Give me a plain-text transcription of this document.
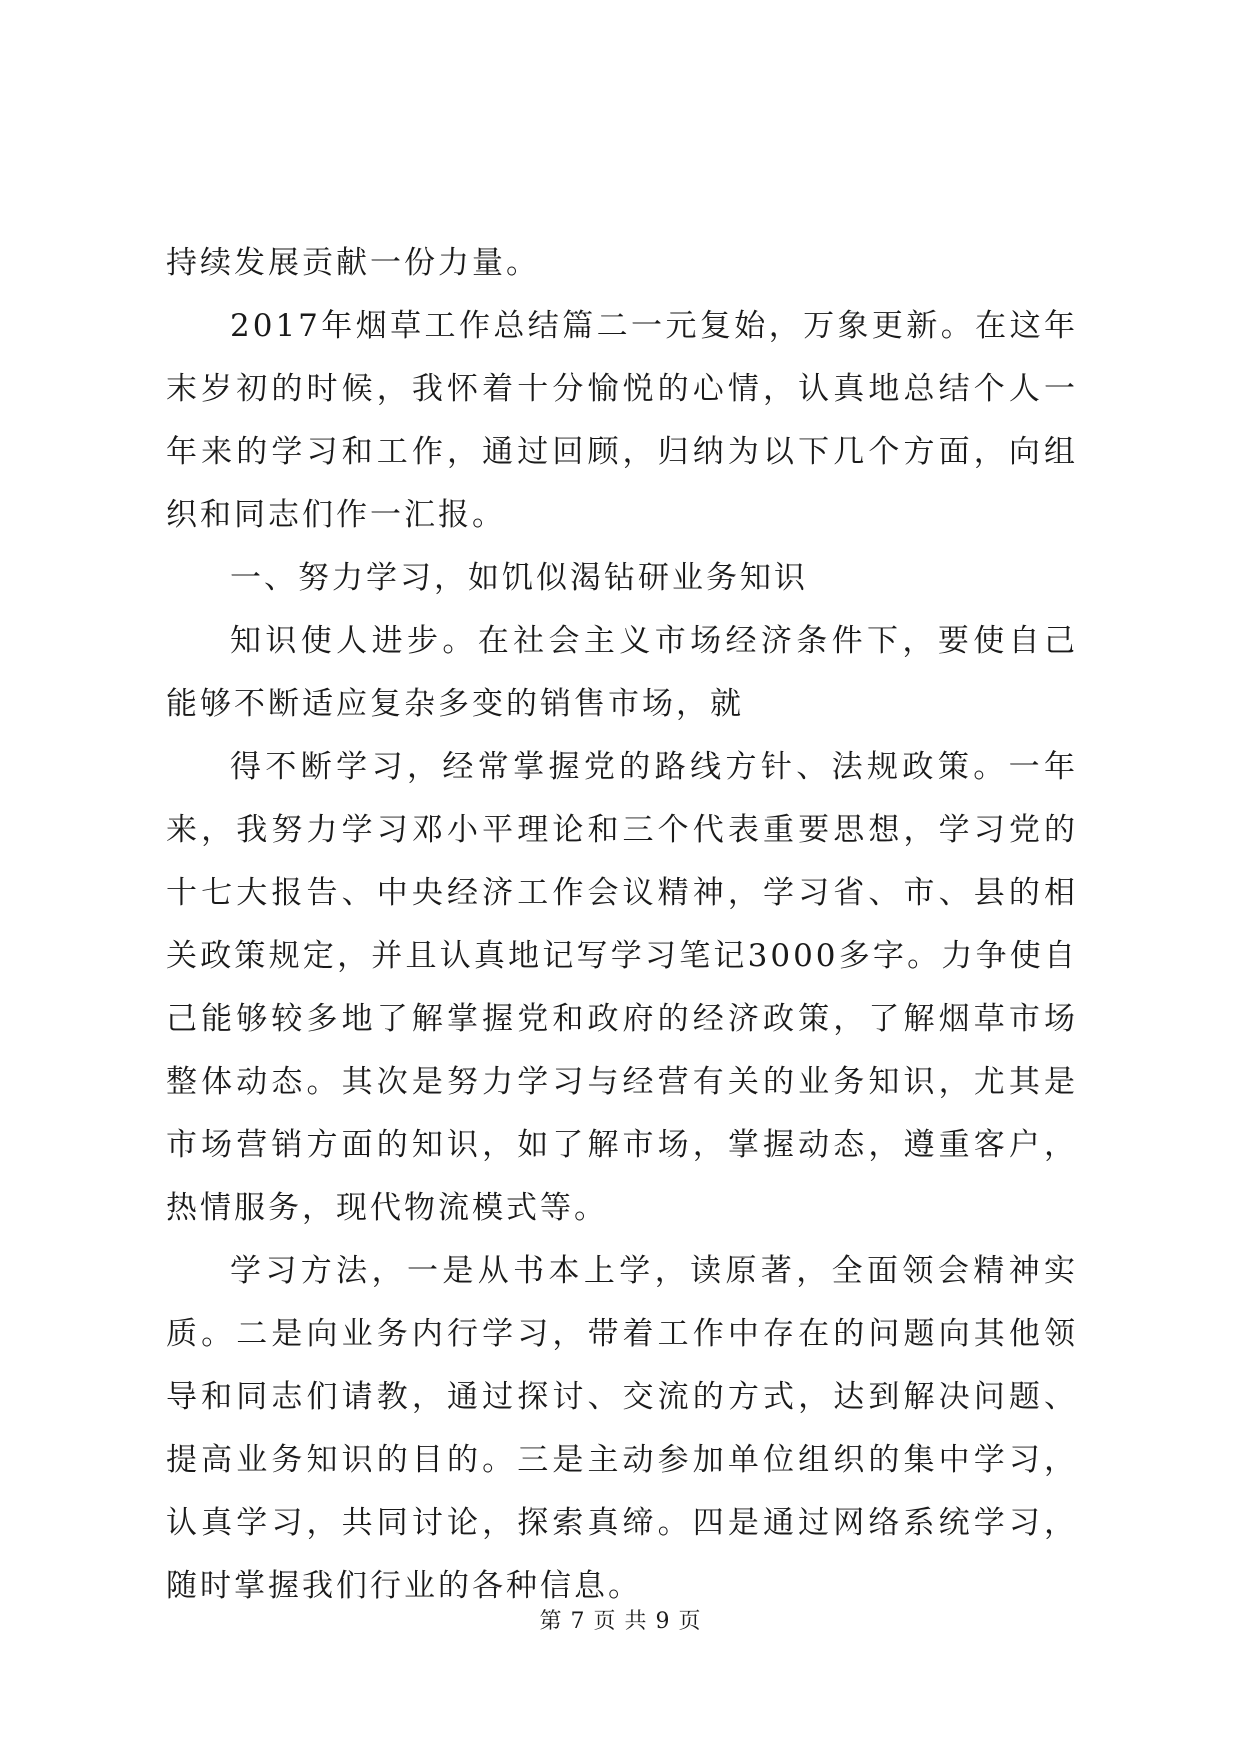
持续发展贡献一份力量。

2017年烟草工作总结篇二一元复始，万象更新。在这年末岁初的时候，我怀着十分愉悦的心情，认真地总结个人一年来的学习和工作，通过回顾，归纳为以下几个方面，向组织和同志们作一汇报。

一、努力学习，如饥似渴钻研业务知识

知识使人进步。在社会主义市场经济条件下，要使自己能够不断适应复杂多变的销售市场，就

得不断学习，经常掌握党的路线方针、法规政策。一年来，我努力学习邓小平理论和三个代表重要思想，学习党的十七大报告、中央经济工作会议精神，学习省、市、县的相关政策规定，并且认真地记写学习笔记3000多字。力争使自己能够较多地了解掌握党和政府的经济政策，了解烟草市场整体动态。其次是努力学习与经营有关的业务知识，尤其是市场营销方面的知识，如了解市场，掌握动态，遵重客户，热情服务，现代物流模式等。

学习方法，一是从书本上学，读原著，全面领会精神实质。二是向业务内行学习，带着工作中存在的问题向其他领导和同志们请教，通过探讨、交流的方式，达到解决问题、提高业务知识的目的。三是主动参加单位组织的集中学习，认真学习，共同讨论，探索真缔。四是通过网络系统学习，随时掌握我们行业的各种信息。

第 7 页 共 9 页
